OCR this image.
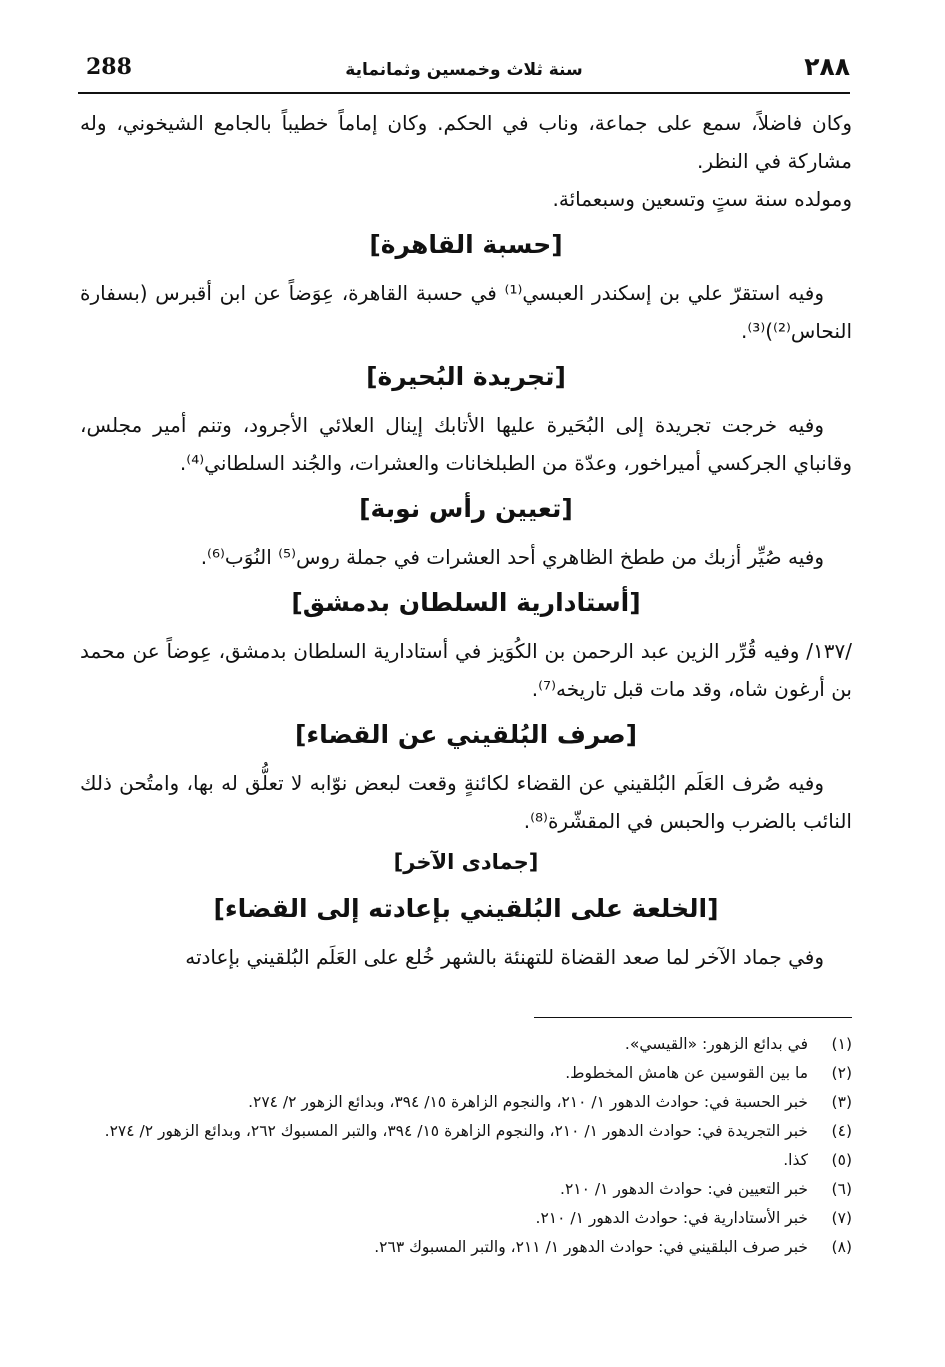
288	سنة ثلاث وخمسين وثمانماية	٢٨٨

وكان فاضلاً، سمع على جماعة، وناب في الحكم. وكان إماماً خطيباً بالجامع الشيخوني، وله مشاركة في النظر.

ومولده سنة ستٍ وتسعين وسبعمائة.

[حسبة القاهرة]

وفيه استقرّ علي بن إسكندر العبسي⁽¹⁾ في حسبة القاهرة، عِوَضاً عن ابن أقبرس (بسفارة النحاس⁽²⁾)⁽³⁾.

[تجريدة البُحيرة]

وفيه خرجت تجريدة إلى البُحَيرة عليها الأتابك إينال العلائي الأجرود، وتنم أمير مجلس، وقانباي الجركسي أميراخور، وعدّة من الطبلخانات والعشرات، والجُند السلطاني⁽⁴⁾.

[تعيين رأس نوبة]

وفيه صُيِّر أزبك من ططخ الظاهري أحد العشرات في جملة روس⁽⁵⁾ النُوَب⁽⁶⁾.

[أستادارية السلطان بدمشق]

/١٣٧/ وفيه قُرِّر الزين عبد الرحمن بن الكُوَيز في أستادارية السلطان بدمشق، عِوضاً عن محمد بن أرغون شاه، وقد مات قبل تاريخه⁽⁷⁾.

[صرف البُلقيني عن القضاء]

وفيه صُرف العَلَم البُلقيني عن القضاء لكائنةٍ وقعت لبعض نوّابه لا تعلُّق له بها، وامتُحن ذلك النائب بالضرب والحبس في المقشّرة⁽⁸⁾.

[جمادى الآخر]
[الخلعة على البُلقيني بإعادته إلى القضاء]

وفي جماد الآخر لما صعد القضاة للتهنئة بالشهر خُلع على العَلَم البُلقيني بإعادته

(١)
في بدائع الزهور: «القيسي».
(٢)
ما بين القوسين عن هامش المخطوط.
(٣)
خبر الحسبة في: حوادث الدهور ١/ ٢١٠، والنجوم الزاهرة ١٥/ ٣٩٤، وبدائع الزهور ٢/ ٢٧٤.
(٤)
خبر التجريدة في: حوادث الدهور ١/ ٢١٠، والنجوم الزاهرة ١٥/ ٣٩٤، والتبر المسبوك ٢٦٢، وبدائع الزهور ٢/ ٢٧٤.
(٥)
كذا.
(٦)
خبر التعيين في: حوادث الدهور ١/ ٢١٠.
(٧)
خبر الأستادارية في: حوادث الدهور ١/ ٢١٠.
(٨)
خبر صرف البلقيني في: حوادث الدهور ١/ ٢١١، والتبر المسبوك ٢٦٣.
